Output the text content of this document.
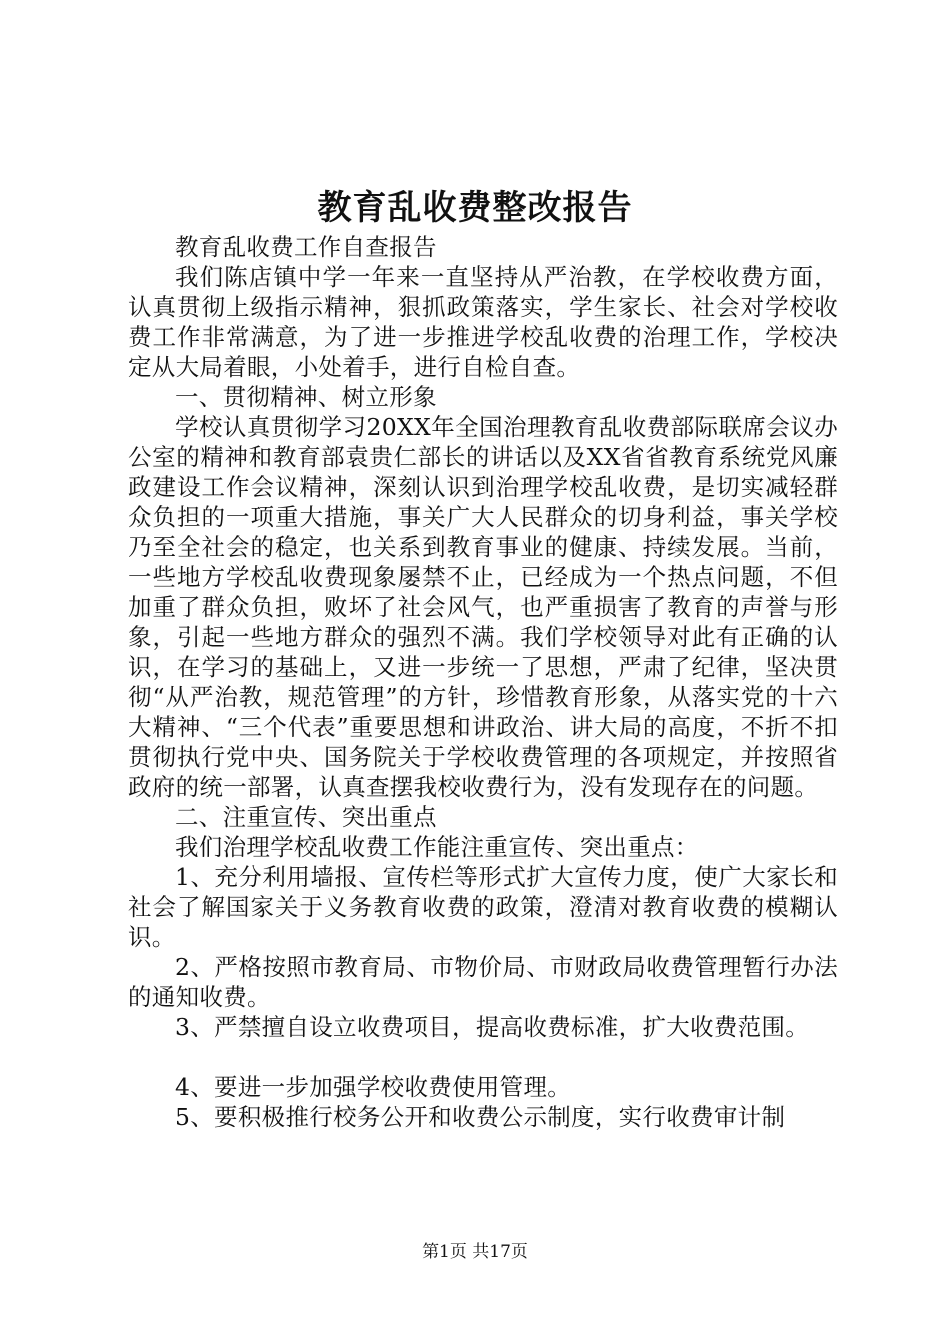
教育乱收费整改报告

教育乱收费工作自查报告

我们陈店镇中学一年来一直坚持从严治教，在学校收费方面，认真贯彻上级指示精神，狠抓政策落实，学生家长、社会对学校收费工作非常满意，为了进一步推进学校乱收费的治理工作，学校决定从大局着眼，小处着手，进行自检自查。

一、贯彻精神、树立形象

学校认真贯彻学习20XX年全国治理教育乱收费部际联席会议办公室的精神和教育部袁贵仁部长的讲话以及XX省省教育系统党风廉政建设工作会议精神，深刻认识到治理学校乱收费，是切实减轻群众负担的一项重大措施，事关广大人民群众的切身利益，事关学校乃至全社会的稳定，也关系到教育事业的健康、持续发展。当前，一些地方学校乱收费现象屡禁不止，已经成为一个热点问题，不但加重了群众负担，败坏了社会风气，也严重损害了教育的声誉与形象，引起一些地方群众的强烈不满。我们学校领导对此有正确的认识，在学习的基础上，又进一步统一了思想，严肃了纪律，坚决贯彻“从严治教，规范管理”的方针，珍惜教育形象，从落实党的十六大精神、“三个代表”重要思想和讲政治、讲大局的高度，不折不扣贯彻执行党中央、国务院关于学校收费管理的各项规定，并按照省政府的统一部署，认真查摆我校收费行为，没有发现存在的问题。

二、注重宣传、突出重点

我们治理学校乱收费工作能注重宣传、突出重点：

1、充分利用墙报、宣传栏等形式扩大宣传力度，使广大家长和社会了解国家关于义务教育收费的政策，澄清对教育收费的模糊认识。

2、严格按照市教育局、市物价局、市财政局收费管理暂行办法的通知收费。

3、严禁擅自设立收费项目，提高收费标准，扩大收费范围。

4、要进一步加强学校收费使用管理。

5、要积极推行校务公开和收费公示制度，实行收费审计制

第1页 共17页
